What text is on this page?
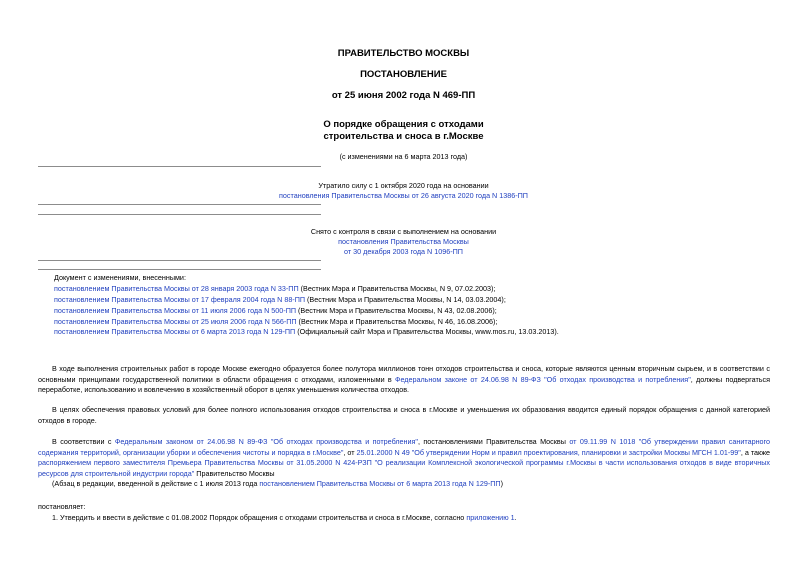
ПРАВИТЕЛЬСТВО МОСКВЫ
ПОСТАНОВЛЕНИЕ
от 25 июня 2002 года N 469-ПП
О порядке обращения с отходами
строительства и сноса в г.Москве
(с изменениями на 6 марта 2013 года)
Утратило силу с 1 октября 2020 года на основании
постановления Правительства Москвы от 26 августа 2020 года N 1386-ПП
Снято с контроля в связи с выполнением на основании
постановления Правительства Москвы
от 30 декабря 2003 года N 1096-ПП
Документ с изменениями, внесенными:
постановлением Правительства Москвы от 28 января 2003 года N 33-ПП (Вестник Мэра и Правительства Москвы, N 9, 07.02.2003);
постановлением Правительства Москвы от 17 февраля 2004 года N 88-ПП (Вестник Мэра и Правительства Москвы, N 14, 03.03.2004);
постановлением Правительства Москвы от 11 июля 2006 года N 500-ПП (Вестник Мэра и Правительства Москвы, N 43, 02.08.2006);
постановлением Правительства Москвы от 25 июля 2006 года N 566-ПП (Вестник Мэра и Правительства Москвы, N 46, 16.08.2006);
постановлением Правительства Москвы от 6 марта 2013 года N 129-ПП (Официальный сайт Мэра и Правительства Москвы, www.mos.ru, 13.03.2013).
В ходе выполнения строительных работ в городе Москве ежегодно образуется более полутора миллионов тонн отходов строительства и сноса, которые являются ценным вторичным сырьем, и в соответствии с основными принципами государственной политики в области обращения с отходами, изложенными в Федеральном законе от 24.06.98 N 89-ФЗ "Об отходах производства и потребления", должны подвергаться переработке, использованию и вовлечению в хозяйственный оборот в целях уменьшения количества отходов.
В целях обеспечения правовых условий для более полного использования отходов строительства и сноса в г.Москве и уменьшения их образования вводится единый порядок обращения с данной категорией отходов в городе.
В соответствии с Федеральным законом от 24.06.98 N 89-ФЗ "Об отходах производства и потребления", постановлениями Правительства Москвы от 09.11.99 N 1018 "Об утверждении правил санитарного содержания территорий, организации уборки и обеспечения чистоты и порядка в г.Москве", от 25.01.2000 N 49 "Об утверждении Норм и правил проектирования, планировки и застройки Москвы МГСН 1.01-99", а также распоряжением первого заместителя Премьера Правительства Москвы от 31.05.2000 N 424-РЗП "О реализации Комплексной экологической программы г.Москвы в части использования отходов в виде вторичных ресурсов для строительной индустрии города" Правительство Москвы
(Абзац в редакции, введенной в действие с 1 июля 2013 года постановлением Правительства Москвы от 6 марта 2013 года N 129-ПП)
постановляет:
1. Утвердить и ввести в действие с 01.08.2002 Порядок обращения с отходами строительства и сноса в г.Москве, согласно приложению 1.
